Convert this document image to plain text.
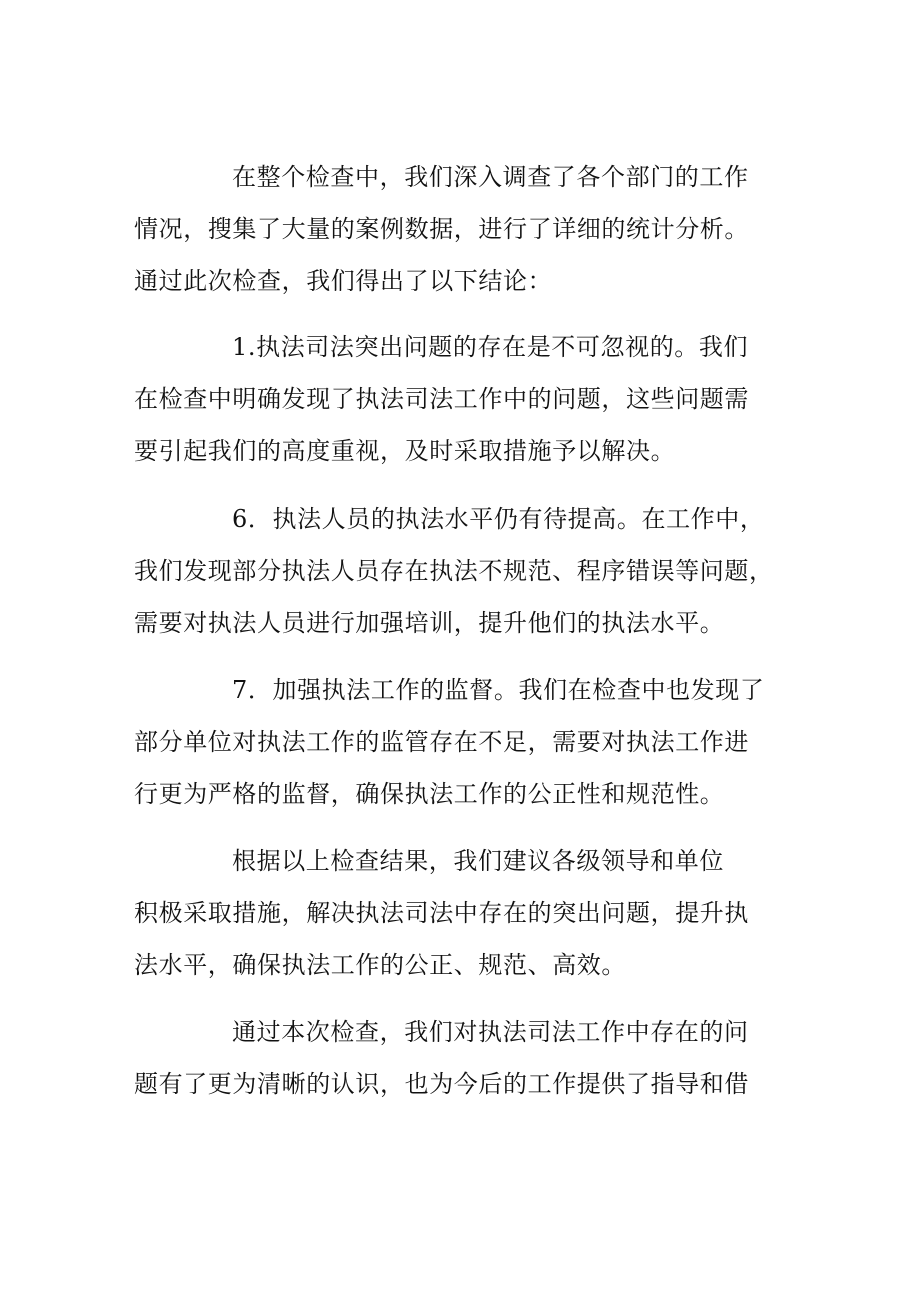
在整个检查中，我们深入调查了各个部门的工作
情况，搜集了大量的案例数据，进行了详细的统计分析。
通过此次检查，我们得出了以下结论：
1.执法司法突出问题的存在是不可忽视的。我们
在检查中明确发现了执法司法工作中的问题，这些问题需
要引起我们的高度重视，及时采取措施予以解决。
6．执法人员的执法水平仍有待提高。在工作中，
我们发现部分执法人员存在执法不规范、程序错误等问题，
需要对执法人员进行加强培训，提升他们的执法水平。
7．加强执法工作的监督。我们在检查中也发现了
部分单位对执法工作的监管存在不足，需要对执法工作进
行更为严格的监督，确保执法工作的公正性和规范性。
根据以上检查结果，我们建议各级领导和单位
积极采取措施，解决执法司法中存在的突出问题，提升执
法水平，确保执法工作的公正、规范、高效。
通过本次检查，我们对执法司法工作中存在的问
题有了更为清晰的认识，也为今后的工作提供了指导和借
